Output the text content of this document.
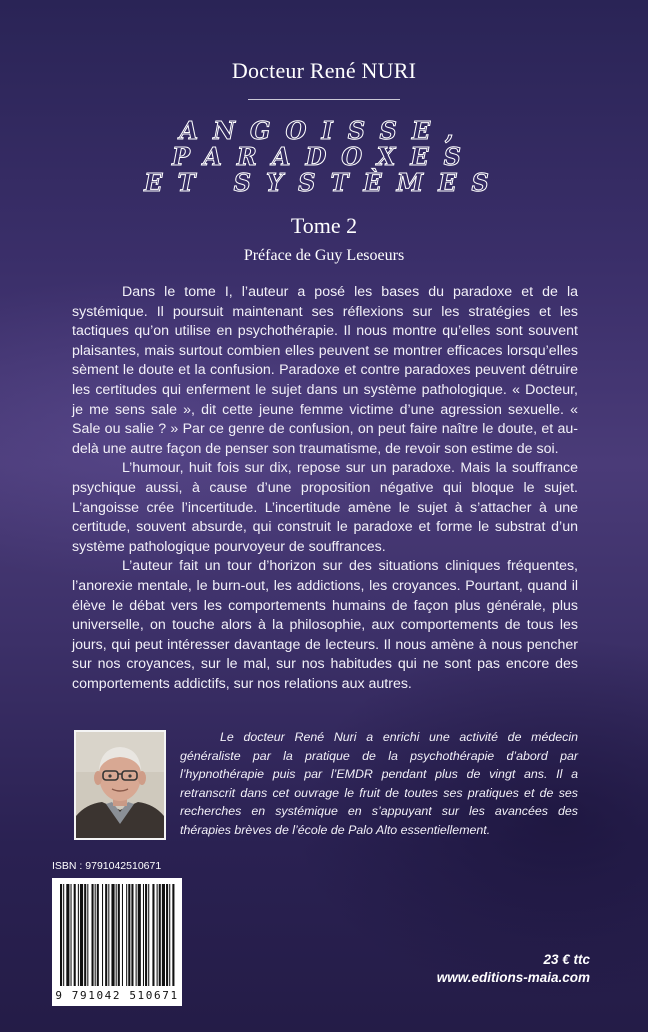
Docteur René NURI
ANGOISSE,
PARADOXES
ET SYSTÈMES
Tome 2
Préface de Guy Lesoeurs

Dans le tome I, l’auteur a posé les bases du paradoxe et de la systémique. Il poursuit maintenant ses réflexions sur les stratégies et les tactiques qu’on utilise en psychothérapie. Il nous montre qu’elles sont souvent plaisantes, mais surtout combien elles peuvent se montrer efficaces lorsqu’elles sèment le doute et la confusion. Paradoxe et contre paradoxes peuvent détruire les certitudes qui enferment le sujet dans un système pathologique. « Docteur, je me sens sale », dit cette jeune femme victime d’une agression sexuelle. « Sale ou salie ? » Par ce genre de confusion, on peut faire naître le doute, et au-delà une autre façon de penser son traumatisme, de revoir son estime de soi.

L’humour, huit fois sur dix, repose sur un paradoxe. Mais la souffrance psychique aussi, à cause d’une proposition négative qui bloque le sujet. L’angoisse crée l’incertitude. L’incertitude amène le sujet à s’attacher à une certitude, souvent absurde, qui construit le paradoxe et forme le substrat d’un système pathologique pourvoyeur de souffrances.

L’auteur fait un tour d’horizon sur des situations cliniques fréquentes, l’anorexie mentale, le burn-out, les addictions, les croyances. Pourtant, quand il élève le débat vers les comportements humains de façon plus générale, plus universelle, on touche alors à la philosophie, aux comportements de tous les jours, qui peut intéresser davantage de lecteurs. Il nous amène à nous pencher sur nos croyances, sur le mal, sur nos habitudes qui ne sont pas encore des comportements addictifs, sur nos relations aux autres.

Le docteur René Nuri a enrichi une activité de médecin généraliste par la pratique de la psychothérapie d’abord par l’hypnothérapie puis par l’EMDR pendant plus de vingt ans. Il a retranscrit dans cet ouvrage le fruit de toutes ses pratiques et de ses recherches en systémique en s’appuyant sur les avancées des thérapies brèves de l’école de Palo Alto essentiellement.

ISBN : 9791042510671
9 791042 510671
23 € ttc
www.editions-maia.com
